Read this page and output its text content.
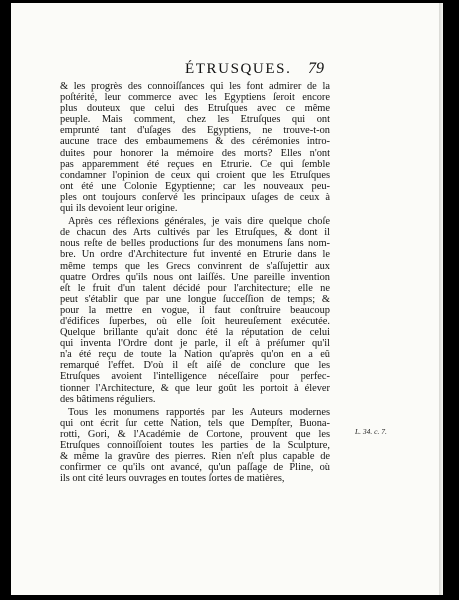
ÉTRUSQUES. 79
& les progrès des connoiſſances qui les font admirer de la
poſtérité, leur commerce avec les Egyptiens ſeroit encore
plus douteux que celui des Etruſques avec ce même
peuple. Mais comment, chez les Etruſques qui ont
emprunté tant d'uſages des Egyptiens, ne trouve-t-on
aucune trace des embaumemens & des cérémonies intro-
duites pour honorer la mémoire des morts? Elles n'ont
pas apparemment été reçues en Etrurie. Ce qui ſemble
condamner l'opinion de ceux qui croient que les Etruſques
ont été une Colonie Egyptienne; car les nouveaux peu-
ples ont toujours conſervé les principaux uſages de ceux à
qui ils devoient leur origine.
Après ces réflexions générales, je vais dire quelque choſe
de chacun des Arts cultivés par les Etruſques, & dont il
nous reſte de belles productions ſur des monumens ſans nom-
bre. Un ordre d'Architecture fut inventé en Etrurie dans le
même temps que les Grecs convinrent de s'aſſujettir aux
quatre Ordres qu'ils nous ont laiſſés. Une pareille invention
eſt le fruit d'un talent décidé pour l'architecture; elle ne
peut s'établir que par une longue ſucceſſion de temps; &
pour la mettre en vogue, il faut conſtruire beaucoup
d'édifices ſuperbes, où elle ſoit heureuſement exécutée.
Quelque brillante qu'ait donc été la réputation de celui
qui inventa l'Ordre dont je parle, il eſt à préſumer qu'il
n'a été reçu de toute la Nation qu'après qu'on en a eû
remarqué l'effet. D'où il eſt aiſé de conclure que les
Etruſques avoient l'intelligence néceſſaire pour perfec-
tionner l'Architecture, & que leur goût les portoit à élever
des bâtimens réguliers.
Tous les monumens rapportés par les Auteurs modernes
qui ont écrit ſur cette Nation, tels que Dempſter, Buona-
rotti, Gori, & l'Académie de Cortone, prouvent que les
Etruſques connoiſſoient toutes les parties de la Sculpture,
& même la gravûre des pierres. Rien n'eſt plus capable de
confirmer ce qu'ils ont avancé, qu'un paſſage de Pline, où
ils ont cité leurs ouvrages en toutes ſortes de matières,
L. 34. c. 7.
